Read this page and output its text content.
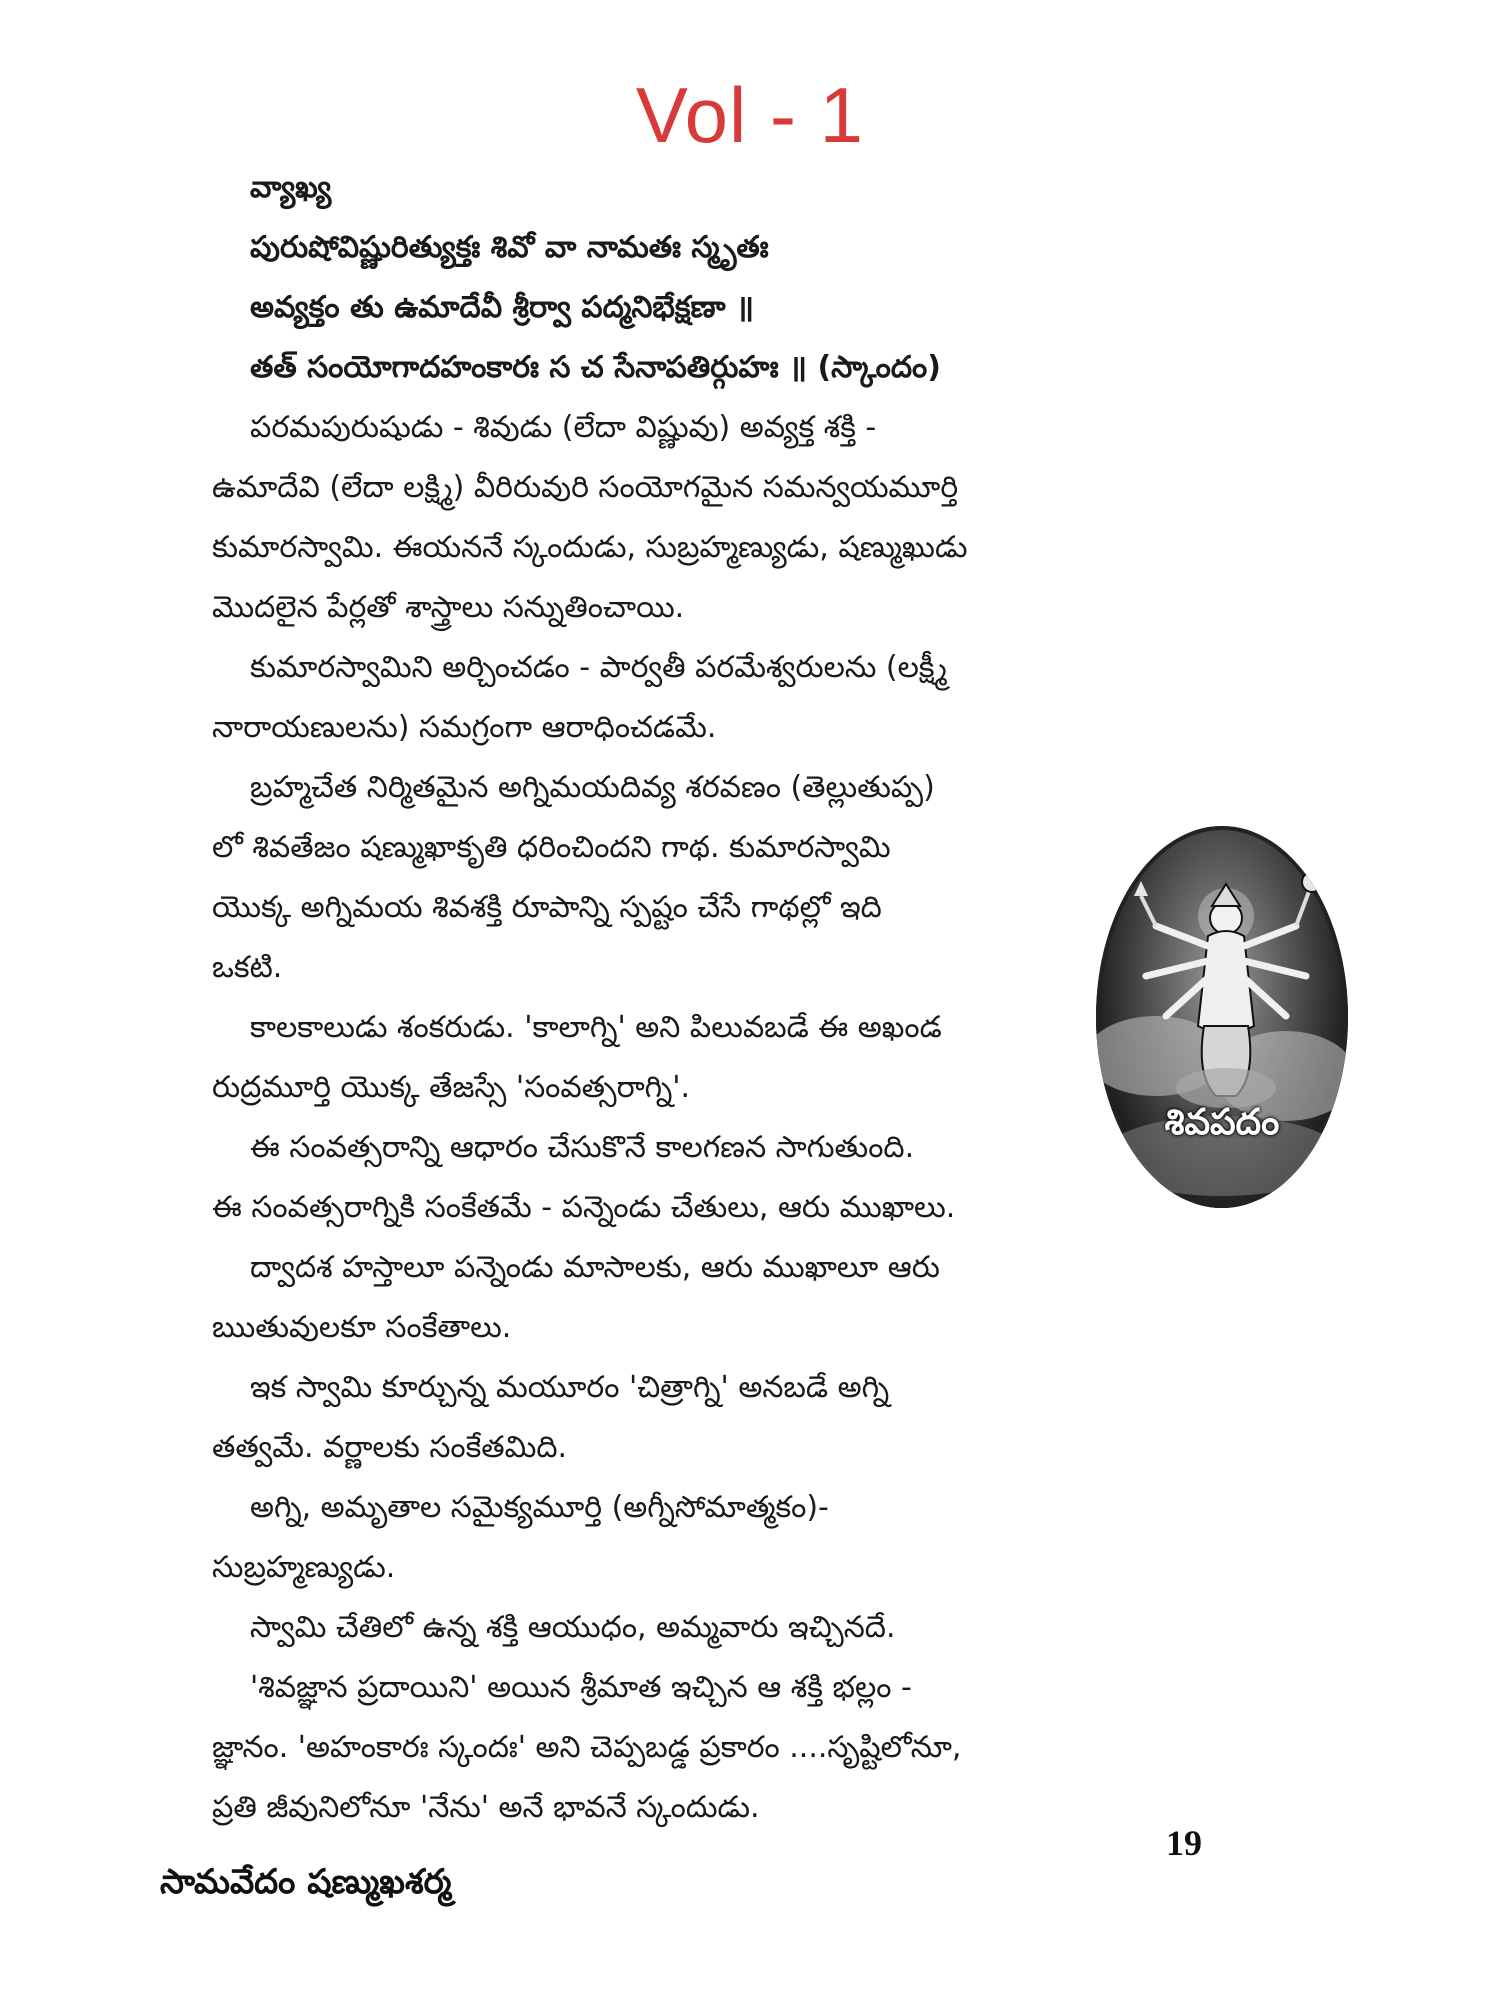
Vol - 1
వ్యాఖ్య
పురుషోవిష్ణురిత్యుక్తః శివో వా నామతః స్మృతః
అవ్యక్తం తు ఉమాదేవీ శ్రీర్వా పద్మనిభేక్షణా ॥
తత్ సంయోగాదహంకారః స చ సేనాపతిర్గుహః ॥ (స్కాందం)
పరమపురుషుడు - శివుడు (లేదా విష్ణువు) అవ్యక్త శక్తి -
ఉమాదేవి (లేదా లక్ష్మి) వీరిరువురి సంయోగమైన సమన్వయమూర్తి
కుమారస్వామి. ఈయననే స్కందుడు, సుబ్రహ్మణ్యుడు, షణ్ముఖుడు
మొదలైన పేర్లతో శాస్త్రాలు సన్నుతించాయి.
కుమారస్వామిని అర్చించడం - పార్వతీ పరమేశ్వరులను (లక్ష్మీ
నారాయణులను) సమగ్రంగా ఆరాధించడమే.
బ్రహ్మచేత నిర్మితమైన అగ్నిమయదివ్య శరవణం (తెల్లుతుప్ప)
లో శివతేజం షణ్ముఖాకృతి ధరించిందని గాథ. కుమారస్వామి
యొక్క అగ్నిమయ శివశక్తి రూపాన్ని స్పష్టం చేసే గాథల్లో ఇది
ఒకటి.
కాలకాలుడు శంకరుడు. 'కాలాగ్ని' అని పిలువబడే ఈ అఖండ
రుద్రమూర్తి యొక్క తేజస్సే 'సంవత్సరాగ్ని'.
ఈ సంవత్సరాన్ని ఆధారం చేసుకొనే కాలగణన సాగుతుంది.
ఈ సంవత్సరాగ్నికి సంకేతమే - పన్నెండు చేతులు, ఆరు ముఖాలు.
ద్వాదశ హస్తాలూ పన్నెండు మాసాలకు, ఆరు ముఖాలూ ఆరు
ఋతువులకూ సంకేతాలు.
ఇక స్వామి కూర్చున్న మయూరం 'చిత్రాగ్ని' అనబడే అగ్ని
తత్వమే. వర్ణాలకు సంకేతమిది.
అగ్ని, అమృతాల సమైక్యమూర్తి (అగ్నీసోమాత్మకం)-
సుబ్రహ్మణ్యుడు.
స్వామి చేతిలో ఉన్న శక్తి ఆయుధం, అమ్మవారు ఇచ్చినదే.
'శివజ్ఞాన ప్రదాయిని' అయిన శ్రీమాత ఇచ్చిన ఆ శక్తి భల్లం -
జ్ఞానం. 'అహంకారః స్కందః' అని చెప్పబడ్డ ప్రకారం ....సృష్టిలోనూ,
ప్రతి జీవునిలోనూ 'నేను' అనే భావనే స్కందుడు.
శివపదం
19
సామవేదం షణ్ముఖశర్మ
